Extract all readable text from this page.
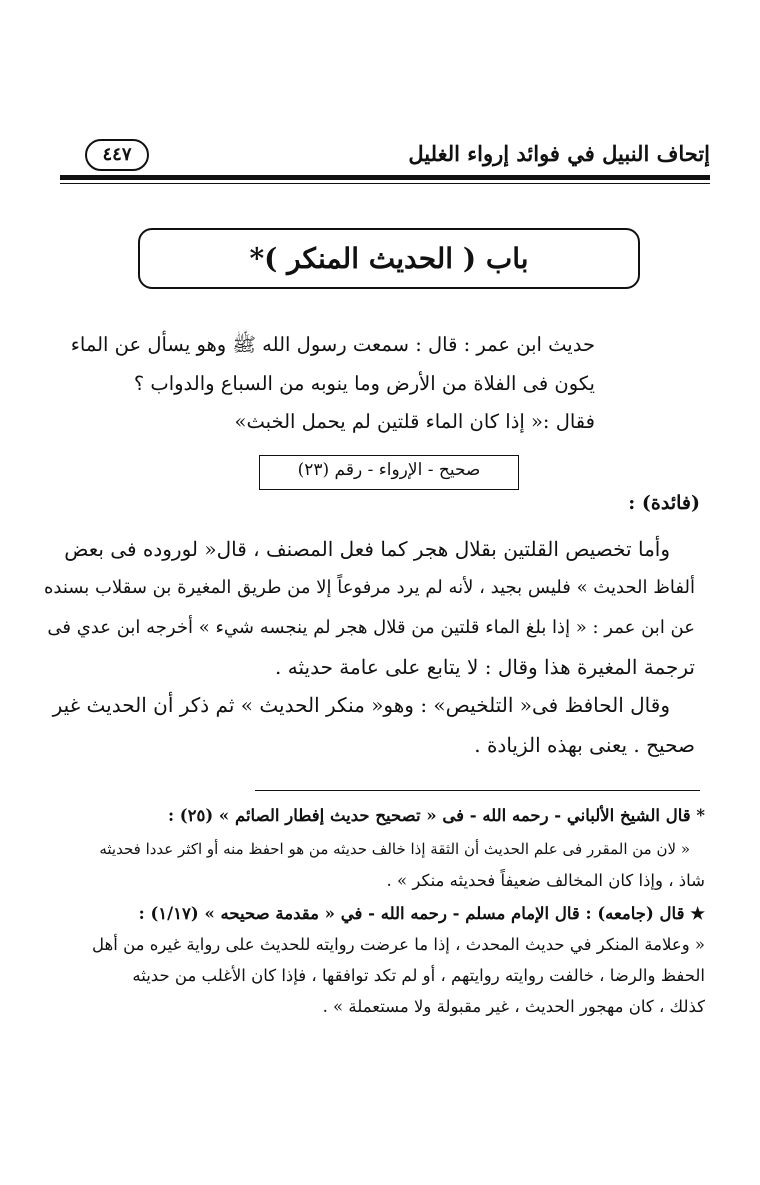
إتحاف النبيل في فوائد إرواء الغليل
٤٤٧
باب ( الحديث المنكر )*
حديث ابن عمر : قال : سمعت رسول الله ﷺ وهو يسأل عن الماء
يكون فى الفلاة من الأرض وما ينوبه من السباع والدواب ؟
فقال :« إذا كان الماء قلتين لم يحمل الخبث»
صحيح - الإرواء - رقم (٢٣)
(فائدة) :
وأما تخصيص القلتين بقلال هجر كما فعل المصنف ، قال« لوروده فى بعض
ألفاظ الحديث » فليس بجيد ، لأنه لم يرد مرفوعاً إلا من طريق المغيرة بن سقلاب بسنده
عن ابن عمر : « إذا بلغ الماء قلتين من قلال هجر لم ينجسه شيء » أخرجه ابن عدي فى
ترجمة المغيرة هذا وقال : لا يتابع على عامة حديثه .
وقال الحافظ فى« التلخيص» : وهو« منكر الحديث » ثم ذكر أن الحديث غير
صحيح . يعنى بهذه الزيادة .
* قال الشيخ الألباني - رحمه الله - فى « تصحيح حديث إفطار الصائم » (٢٥) :
« لان من المقرر فى علم الحديث أن الثقة إذا خالف حديثه من هو احفظ منه أو اكثر عددا فحديثه
شاذ ، وإذا كان المخالف ضعيفاً فحديثه منكر » .
★ قال (جامعه) : قال الإمام مسلم - رحمه الله - في « مقدمة صحيحه » (١/١٧) :
« وعلامة المنكر في حديث المحدث ، إذا ما عرضت روايته للحديث على رواية غيره من أهل
الحفظ والرضا ، خالفت روايته روايتهم ، أو لم تكد توافقها ، فإذا كان الأغلب من حديثه
كذلك ، كان مهجور الحديث ، غير مقبولة ولا مستعملة » .
